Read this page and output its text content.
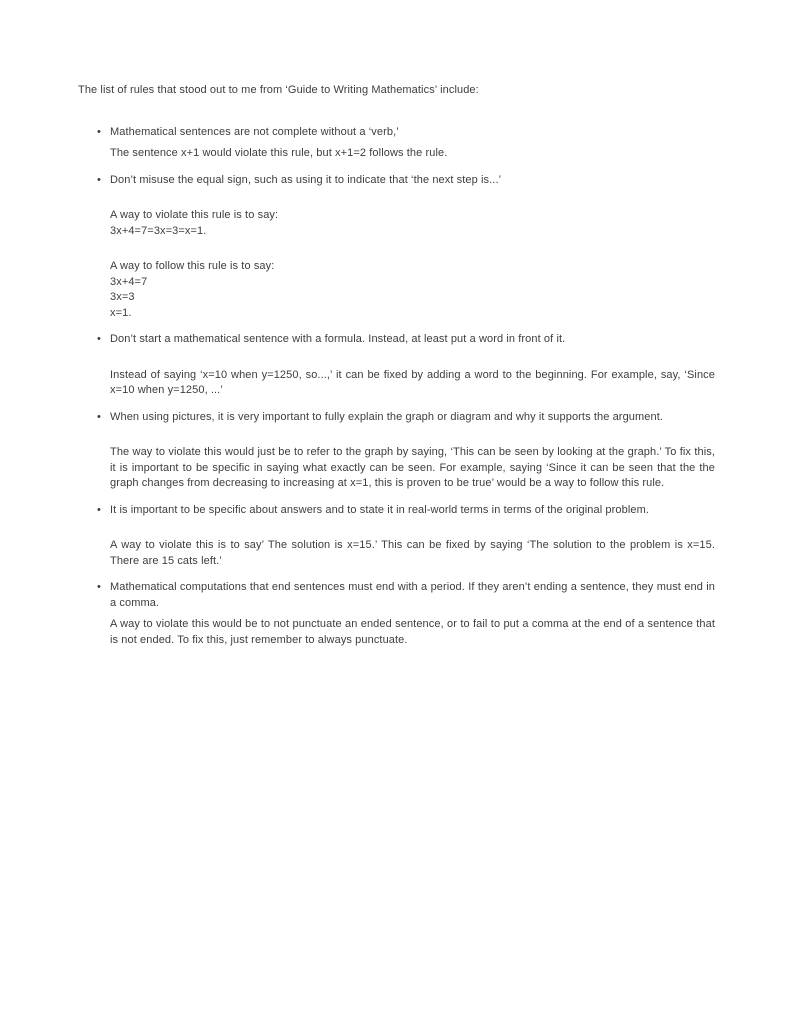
The list of rules that stood out to me from ‘Guide to Writing Mathematics’ include:

• Mathematical sentences are not complete without a ‘verb,’
The sentence x+1 would violate this rule, but x+1=2 follows the rule.
• Don’t misuse the equal sign, such as using it to indicate that ‘the next step is...’
A way to violate this rule is to say:
3x+4=7=3x=3=x=1.
A way to follow this rule is to say:
3x+4=7
3x=3
x=1.
• Don’t start a mathematical sentence with a formula. Instead, at least put a word in front of it.
Instead of saying ‘x=10 when y=1250, so...,’ it can be fixed by adding a word to the beginning. For example, say, ‘Since x=10 when y=1250, ...’
• When using pictures, it is very important to fully explain the graph or diagram and why it supports the argument.
The way to violate this would just be to refer to the graph by saying, ‘This can be seen by looking at the graph.’ To fix this, it is important to be specific in saying what exactly can be seen. For example, saying ‘Since it can be seen that the the graph changes from decreasing to increasing at x=1, this is proven to be true’ would be a way to follow this rule.
• It is important to be specific about answers and to state it in real-world terms in terms of the original problem.
A way to violate this is to say’ The solution is x=15.’ This can be fixed by saying ‘The solution to the problem is x=15. There are 15 cats left.’
• Mathematical computations that end sentences must end with a period. If they aren’t ending a sentence, they must end in a comma.
A way to violate this would be to not punctuate an ended sentence, or to fail to put a comma at the end of a sentence that is not ended. To fix this, just remember to always punctuate.
